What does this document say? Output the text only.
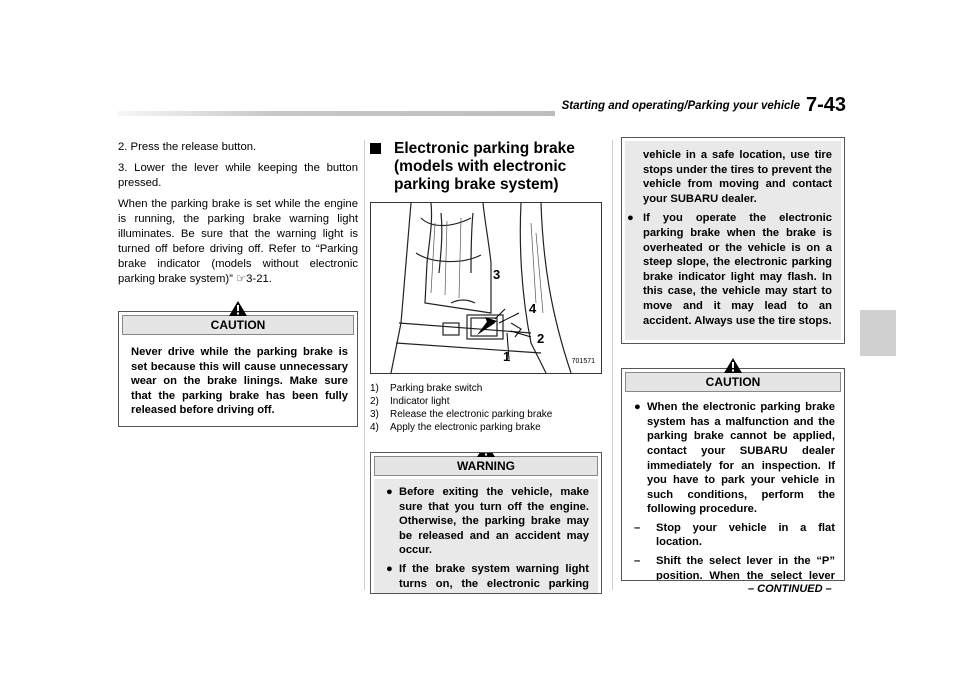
Starting and operating/Parking your vehicle 7-43

2. Press the release button.

3. Lower the lever while keeping the button pressed.

When the parking brake is set while the engine is running, the parking brake warning light illuminates. Be sure that the warning light is turned off before driving off. Refer to “Parking brake indicator (models without electronic parking brake system)” ☞3-21.

CAUTION
Never drive while the parking brake is set because this will cause unnecessary wear on the brake linings. Make sure that the parking brake has been fully released before driving off.
Electronic parking brake (models with electronic parking brake system)
3
4
2
1	701571
1)	Parking brake switch
2)	Indicator light
3)	Release the electronic parking brake
4)	Apply the electronic parking brake
WARNING
● Before exiting the vehicle, make sure that you turn off the engine. Otherwise, the parking brake may be released and an accident may occur.
● If the brake system warning light turns on, the electronic parking
vehicle in a safe location, use tire stops under the tires to prevent the vehicle from moving and contact your SUBARU dealer.
● If you operate the electronic parking brake when the brake is overheated or the vehicle is on a steep slope, the electronic parking brake indicator light may flash. In this case, the vehicle may start to move and it may lead to an accident. Always use the tire stops.
CAUTION
● When the electronic parking brake system has a malfunction and the parking brake cannot be applied, contact your SUBARU dealer immediately for an inspection. If you have to park your vehicle in such conditions, perform the following procedure.
– Stop your vehicle in a flat location.
– Shift the select lever in the “P” position. When the select lever
– CONTINUED –
